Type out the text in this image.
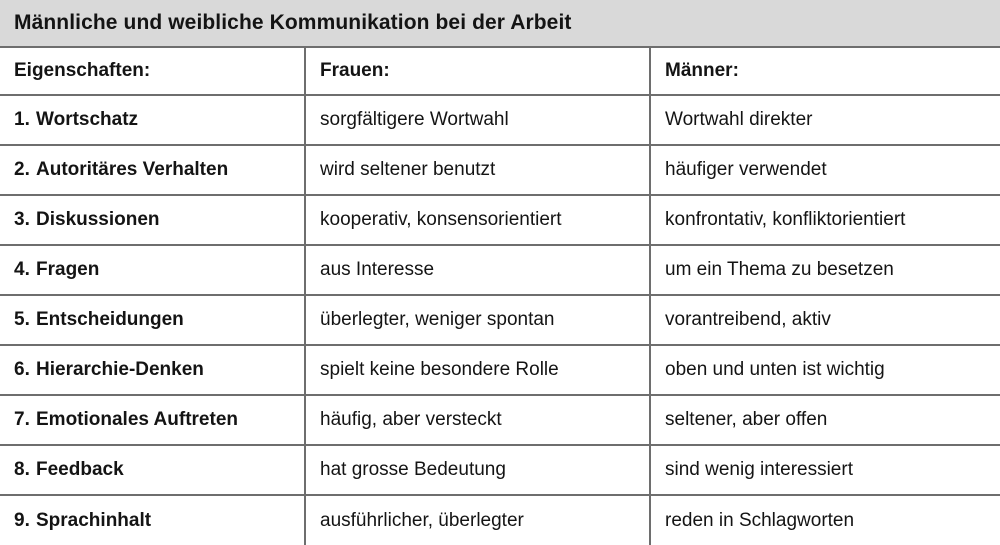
Männliche und weibliche Kommunikation bei der Arbeit
Eigenschaften:	Frauen:	Männer:
1. Wortschatz	sorgfältigere Wortwahl	Wortwahl direkter
2. Autoritäres Verhalten	wird seltener benutzt	häufiger verwendet
3. Diskussionen	kooperativ, konsensorientiert	konfrontativ, konfliktorientiert
4. Fragen	aus Interesse	um ein Thema zu besetzen
5. Entscheidungen	überlegter, weniger spontan	vorantreibend, aktiv
6. Hierarchie-Denken	spielt keine besondere Rolle	oben und unten ist wichtig
7. Emotionales Auftreten	häufig, aber versteckt	seltener, aber offen
8. Feedback	hat grosse Bedeutung	sind wenig interessiert
9. Sprachinhalt	ausführlicher, überlegter	reden in Schlagworten
